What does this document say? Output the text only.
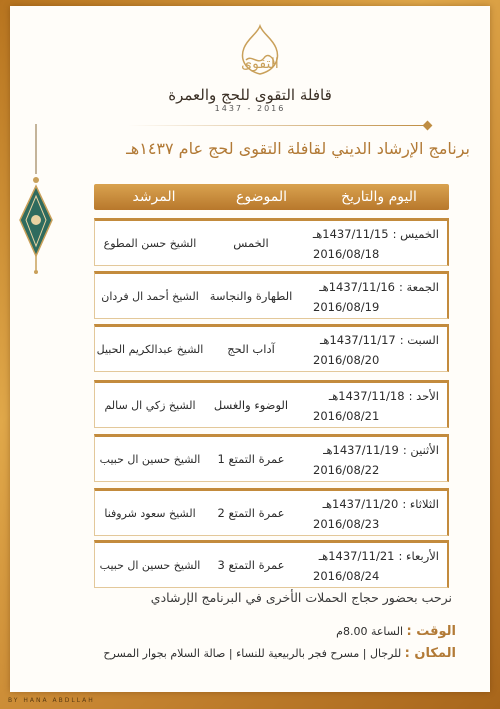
التقوى
قافلة التقوى للحج والعمرة
1437 - 2016
برنامج الإرشاد الديني لقافلة التقوى لحج عام ١٤٣٧هـ
اليوم والتاريخ
الموضوع
المرشد
الخميس :1437/11/15هـ
2016/08/18
الخمس
الشيخ حسن المطوع
الجمعة :1437/11/16هـ
2016/08/19
الطهارة والنجاسة
الشيخ أحمد ال فردان
السبت :1437/11/17هـ
2016/08/20
آداب الحج
الشيخ عبدالكريم الحبيل
الأحد :1437/11/18هـ
2016/08/21
الوضوء والغسل
الشيخ زكي ال سالم
الأثنين :1437/11/19هـ
2016/08/22
عمرة التمتع 1
الشيخ حسين ال حبيب
الثلاثاء :1437/11/20هـ
2016/08/23
عمرة التمتع 2
الشيخ سعود شروفنا
الأربعاء :1437/11/21هـ
2016/08/24
عمرة التمتع 3
الشيخ حسين ال حبيب
نرحب بحضور حجاج الحملات الأخرى في البرنامج الإرشادي
الوقت : الساعة 8.00م
المكان : للرجال | مسرح فجر بالربيعية للنساء | صالة السلام بجوار المسرح
BY HANA ABDLLAH
